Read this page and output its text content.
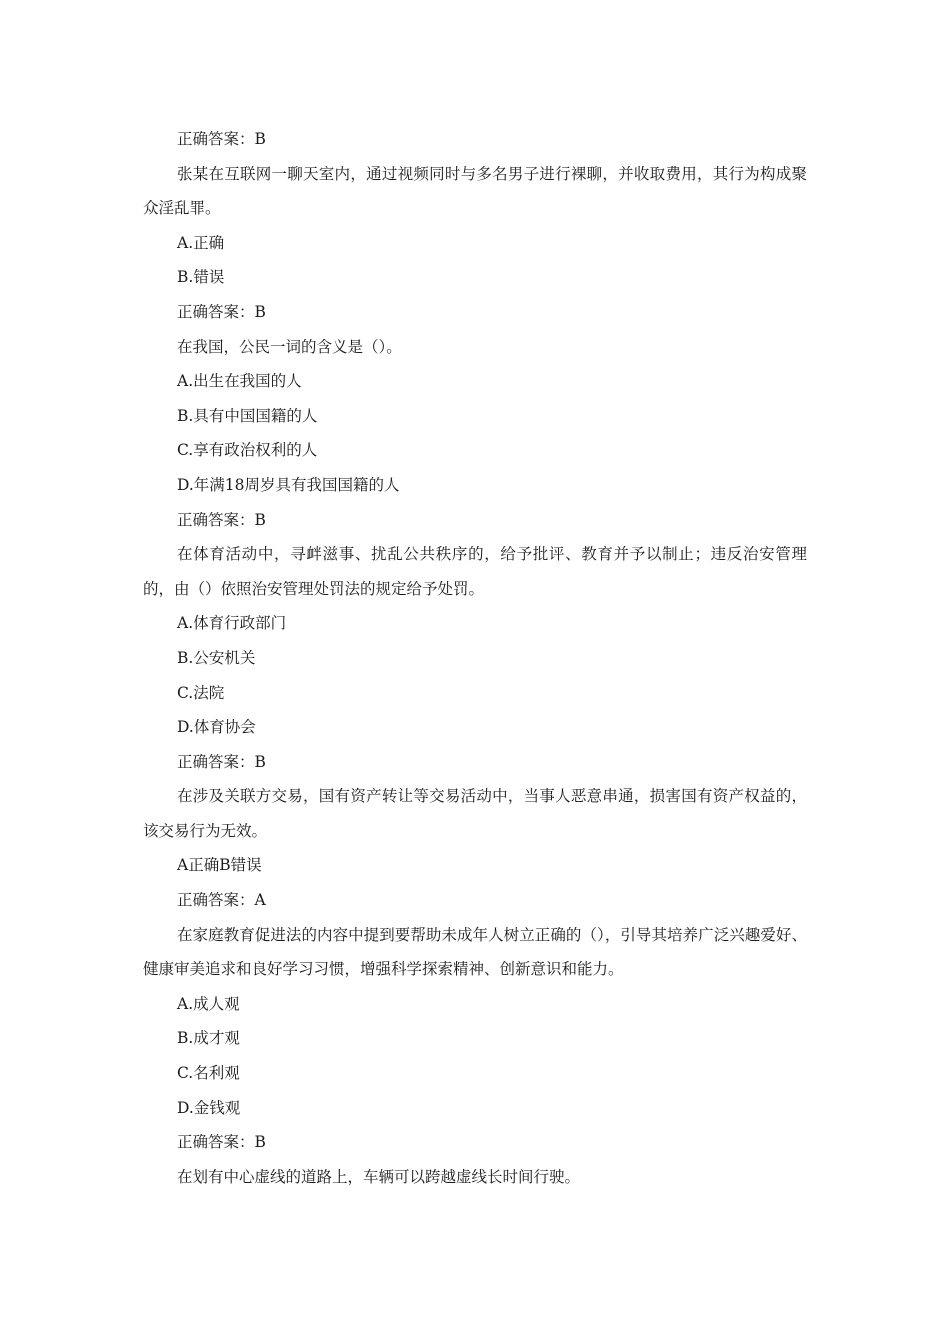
正确答案：B

张某在互联网一聊天室内，通过视频同时与多名男子进行裸聊，并收取费用，其行为构成聚众淫乱罪。

A.正确

B.错误

正确答案：B

在我国，公民一词的含义是（）。

A.出生在我国的人

B.具有中国国籍的人

C.享有政治权利的人

D.年满18周岁具有我国国籍的人

正确答案：B

在体育活动中，寻衅滋事、扰乱公共秩序的，给予批评、教育并予以制止；违反治安管理的，由（）依照治安管理处罚法的规定给予处罚。

A.体育行政部门

B.公安机关

C.法院

D.体育协会

正确答案：B

在涉及关联方交易，国有资产转让等交易活动中，当事人恶意串通，损害国有资产权益的，该交易行为无效。

A正确B错误

正确答案：A

在家庭教育促进法的内容中提到要帮助未成年人树立正确的（），引导其培养广泛兴趣爱好、健康审美追求和良好学习习惯，增强科学探索精神、创新意识和能力。

A.成人观

B.成才观

C.名利观

D.金钱观

正确答案：B

在划有中心虚线的道路上，车辆可以跨越虚线长时间行驶。
